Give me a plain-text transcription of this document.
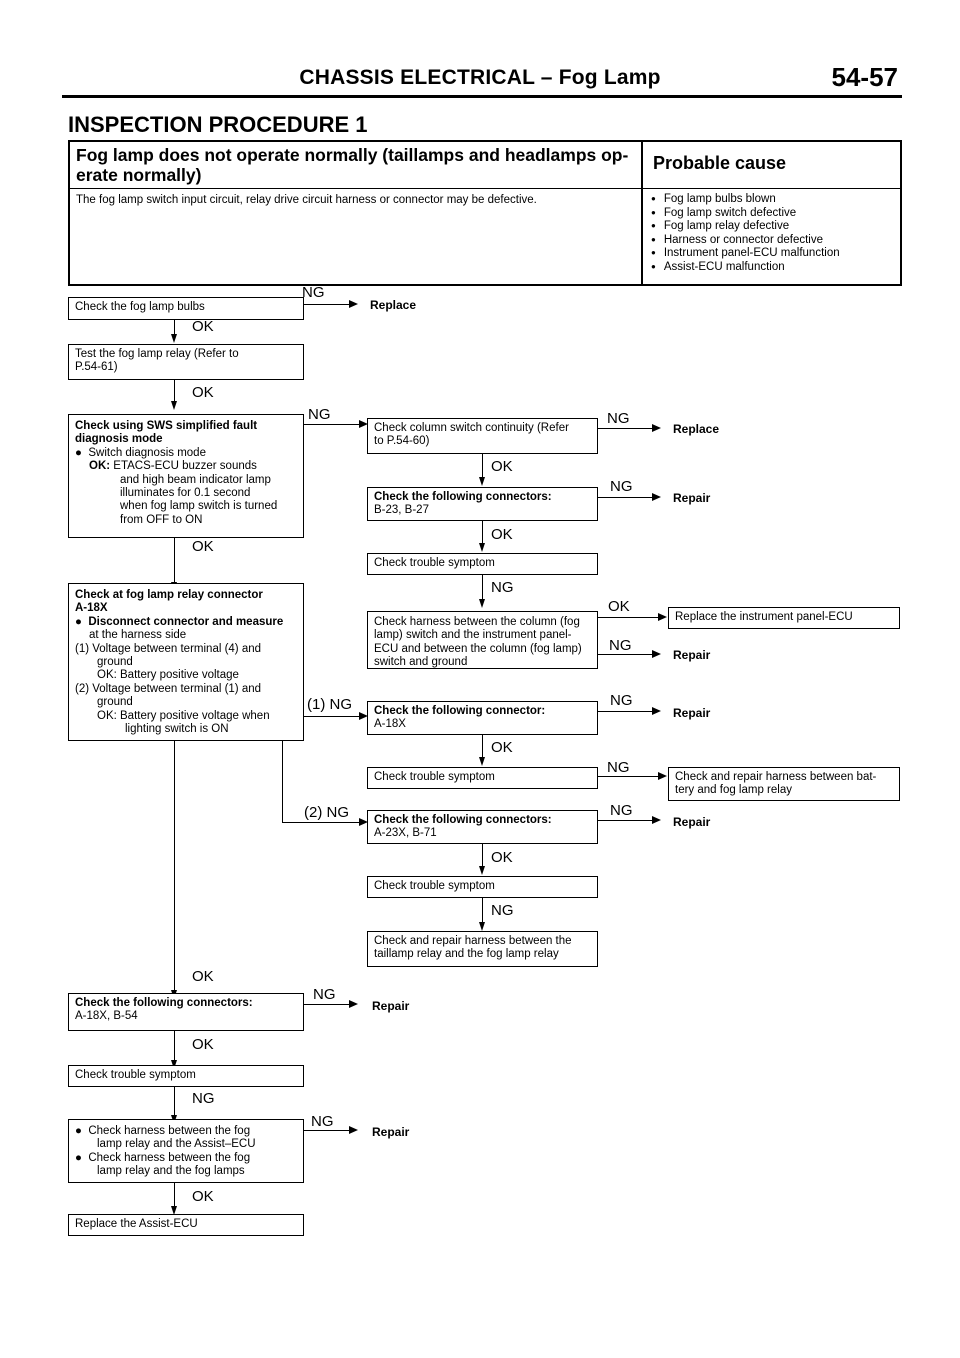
CHASSIS ELECTRICAL – Fog Lamp	54-57
INSPECTION PROCEDURE 1
Fog lamp does not operate normally (taillamps and headlamps op-
erate normally)
Probable cause
The fog lamp switch input circuit, relay drive circuit harness or connector may be defective.
●	Fog lamp bulbs blown
● Fog lamp switch defective
● Fog lamp relay defective
● Harness or connector defective
● Instrument panel-ECU malfunction
● Assist-ECU malfunction
Check the fog lamp bulbs
NG
Replace
OK
Test the fog lamp relay (Refer to
P.54-61)
OK
Check using SWS simplified fault
diagnosis mode
●  Switch diagnosis mode
OK: ETACS-ECU buzzer sounds
and high beam indicator lamp
illuminates for 0.1 second
when fog lamp switch is turned
from OFF to ON
NG
OK
Check at fog lamp relay connector
A-18X
●  Disconnect connector and measure
at the harness side
(1) Voltage between terminal (4) and
ground
OK: Battery positive voltage
(2) Voltage between terminal (1) and
ground
OK: Battery positive voltage when
lighting switch is ON
(1) NG
(2) NG
OK
Check the following connectors:
A-18X, B-54
NG
Repair
OK
Check trouble symptom
NG
●  Check harness between the fog
lamp relay and the Assist–ECU
●  Check harness between the fog
lamp relay and the fog lamps
NG
Repair
OK
Replace the Assist-ECU
Check column switch continuity (Refer
to P.54-60)
NG
Replace
OK
Check the following connectors:
B-23, B-27
NG
Repair
OK
Check trouble symptom
NG
Check harness between the column (fog
lamp) switch and the instrument panel-
ECU and between the column (fog lamp)
switch and ground
OK
Replace the instrument panel-ECU
NG
Repair
Check the following connector:
A-18X
NG
Repair
OK
Check trouble symptom
NG
Check and repair harness between bat-
tery and fog lamp relay
Check the following connectors:
A-23X, B-71
NG
Repair
OK
Check trouble symptom
NG
Check and repair harness between the
taillamp relay and the fog lamp relay
